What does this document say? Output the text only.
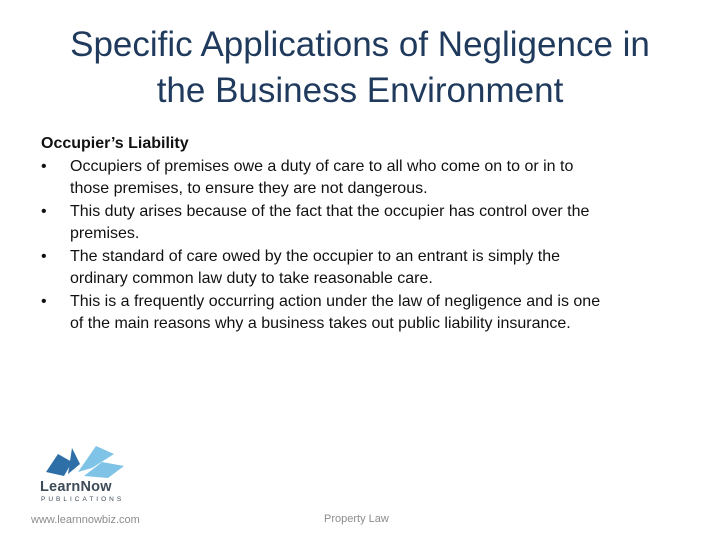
Specific Applications of Negligence in
the Business Environment
Occupier’s Liability
• Occupiers of premises owe a duty of care to all who come on to or in to
those premises, to ensure they are not dangerous.
• This duty arises because of the fact that the occupier has control over the
premises.
• The standard of care owed by the occupier to an entrant is simply the
ordinary common law duty to take reasonable care.
• This is a frequently occurring action under the law of negligence and is one
of the main reasons why a business takes out public liability insurance.
LearnNow
PUBLICATIONS
www.learnnowbiz.com	Property Law
